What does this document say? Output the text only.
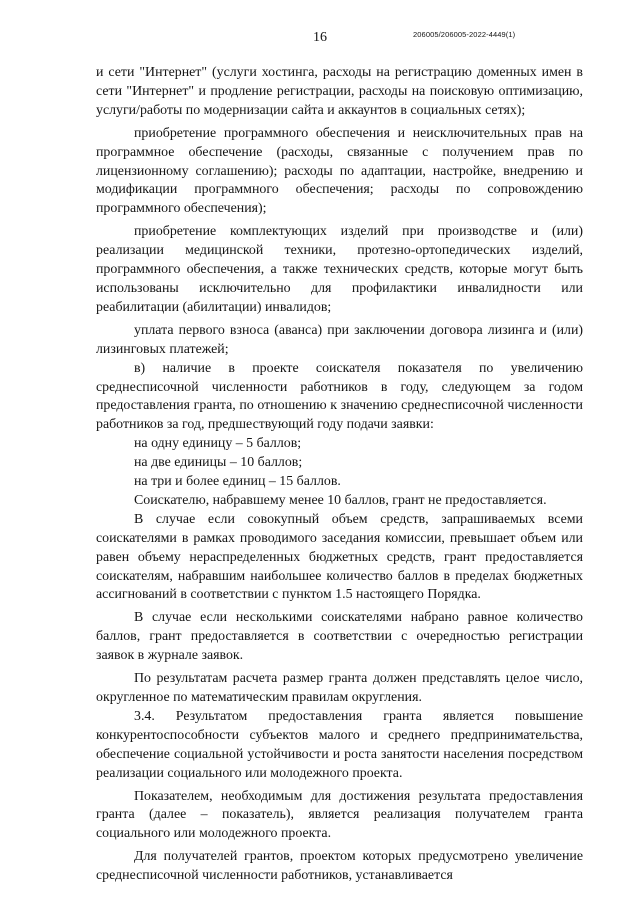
16	206005/206005-2022-4449(1)

и сети "Интернет" (услуги хостинга, расходы на регистрацию доменных имен в сети "Интернет" и продление регистрации, расходы на поисковую оптимизацию, услуги/работы по модернизации сайта и аккаунтов в социальных сетях);

приобретение программного обеспечения и неисключительных прав на программное обеспечение (расходы, связанные с получением прав по лицензионному соглашению); расходы по адаптации, настройке, внедрению и модификации программного обеспечения; расходы по сопровождению программного обеспечения);

приобретение комплектующих изделий при производстве и (или) реализации медицинской техники, протезно-ортопедических изделий, программного обеспечения, а также технических средств, которые могут быть использованы исключительно для профилактики инвалидности или реабилитации (абилитации) инвалидов;

уплата первого взноса (аванса) при заключении договора лизинга и (или) лизинговых платежей;

в) наличие в проекте соискателя показателя по увеличению среднесписочной численности работников в году, следующем за годом предоставления гранта, по отношению к значению среднесписочной численности работников за год, предшествующий году подачи заявки:

на одну единицу – 5 баллов;

на две единицы – 10 баллов;

на три и более единиц – 15 баллов.

Соискателю, набравшему менее 10 баллов, грант не предоставляется.

В случае если совокупный объем средств, запрашиваемых всеми соискателями в рамках проводимого заседания комиссии, превышает объем или равен объему нераспределенных бюджетных средств, грант предоставляется соискателям, набравшим наибольшее количество баллов в пределах бюджетных ассигнований в соответствии с пунктом 1.5 настоящего Порядка.

В случае если несколькими соискателями набрано равное количество баллов, грант предоставляется в соответствии с очередностью регистрации заявок в журнале заявок.

По результатам расчета размер гранта должен представлять целое число, округленное по математическим правилам округления.

3.4. Результатом предоставления гранта является повышение конкурентоспособности субъектов малого и среднего предпринимательства, обеспечение социальной устойчивости и роста занятости населения посредством реализации социального или молодежного проекта.

Показателем, необходимым для достижения результата предоставления гранта (далее – показатель), является реализация получателем гранта социального или молодежного проекта.

Для получателей грантов, проектом которых предусмотрено увеличение среднесписочной численности работников, устанавливается
